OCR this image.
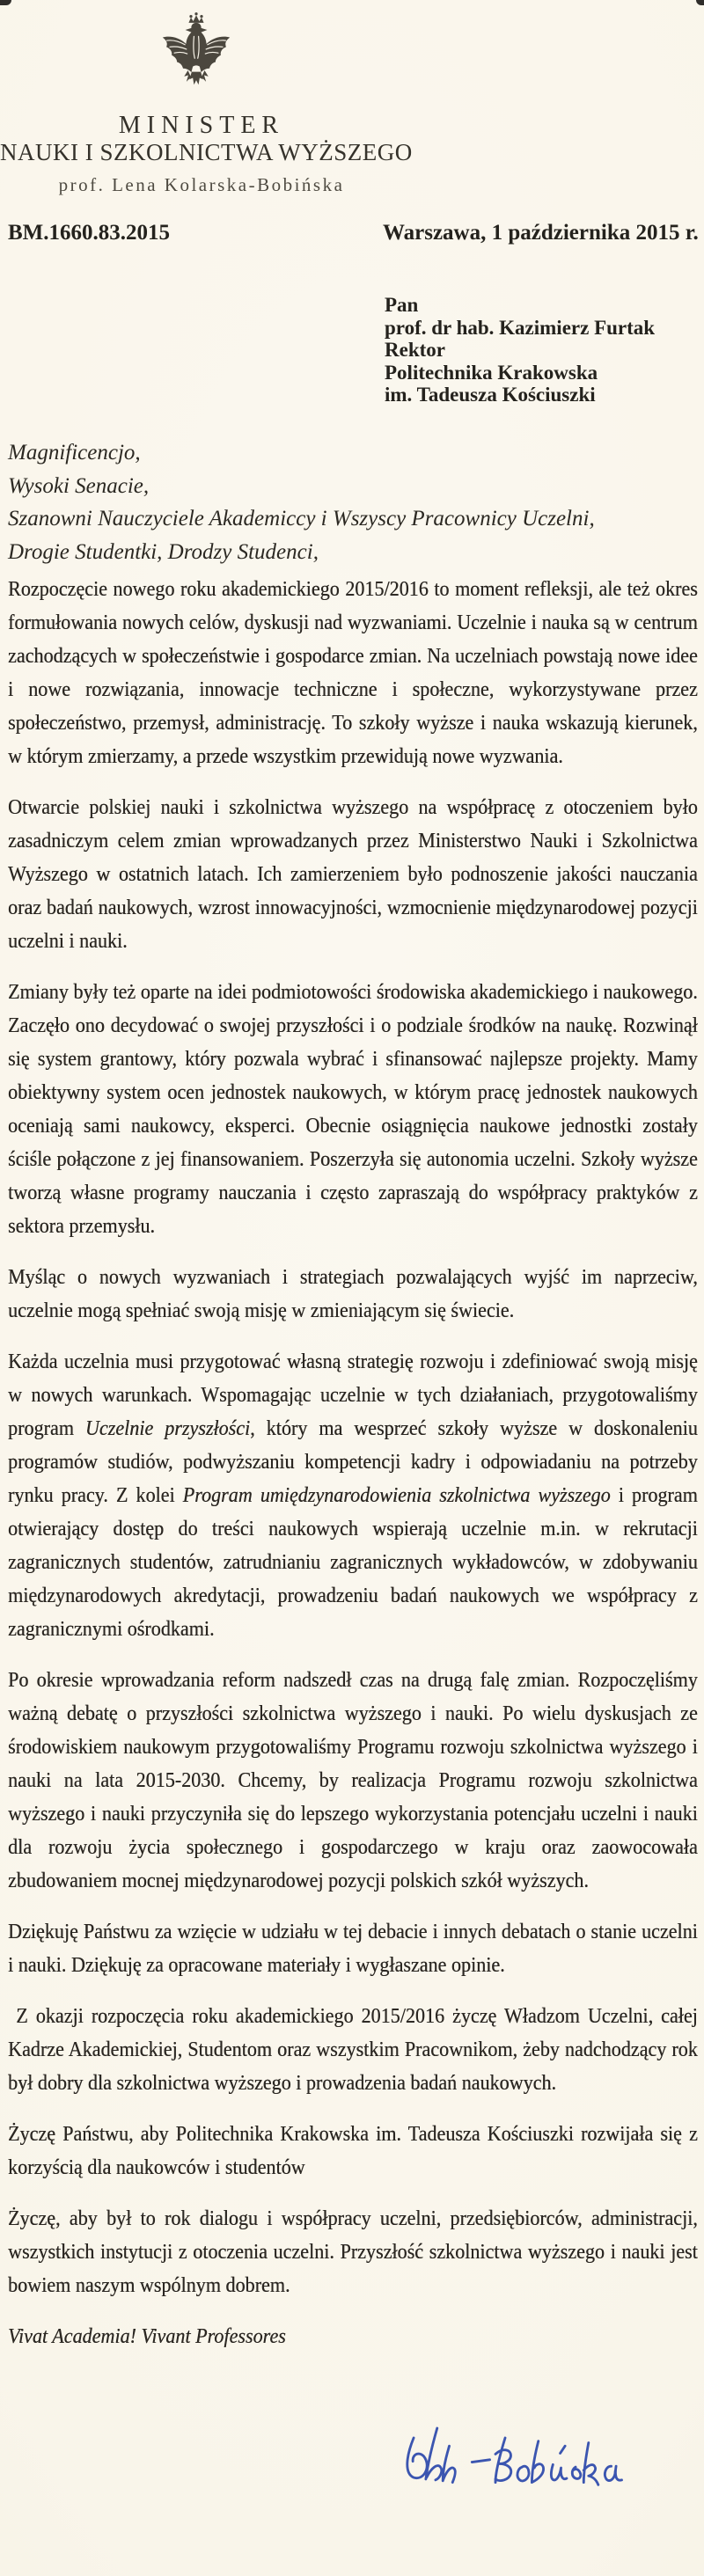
MINISTER
NAUKI I SZKOLNICTWA WYŻSZEGO
prof. Lena Kolarska-Bobińska
BM.1660.83.2015	Warszawa, 1 października 2015 r.
Pan
prof. dr hab. Kazimierz Furtak
Rektor
Politechnika Krakowska
im. Tadeusza Kościuszki
Magnificencjo,
Wysoki Senacie,
Szanowni Nauczyciele Akademiccy i Wszyscy Pracownicy Uczelni,
Drogie Studentki, Drodzy Studenci,

Rozpoczęcie nowego roku akademickiego 2015/2016 to moment refleksji, ale też okres formułowania nowych celów, dyskusji nad wyzwaniami. Uczelnie i nauka są w centrum zachodzących w społeczeństwie i gospodarce zmian. Na uczelniach powstają nowe idee i nowe rozwiązania, innowacje techniczne i społeczne, wykorzystywane przez społeczeństwo, przemysł, administrację. To szkoły wyższe i nauka wskazują kierunek, w którym zmierzamy, a przede wszystkim przewidują nowe wyzwania.

Otwarcie polskiej nauki i szkolnictwa wyższego na współpracę z otoczeniem było zasadniczym celem zmian wprowadzanych przez Ministerstwo Nauki i Szkolnictwa Wyższego w ostatnich latach. Ich zamierzeniem było podnoszenie jakości nauczania oraz badań naukowych, wzrost innowacyjności, wzmocnienie międzynarodowej pozycji uczelni i nauki.

Zmiany były też oparte na idei podmiotowości środowiska akademickiego i naukowego. Zaczęło ono decydować o swojej przyszłości i o podziale środków na naukę. Rozwinął się system grantowy, który pozwala wybrać i sfinansować najlepsze projekty. Mamy obiektywny system ocen jednostek naukowych, w którym pracę jednostek naukowych oceniają sami naukowcy, eksperci. Obecnie osiągnięcia naukowe jednostki zostały ściśle połączone z jej finansowaniem. Poszerzyła się autonomia uczelni. Szkoły wyższe tworzą własne programy nauczania i często zapraszają do współpracy praktyków z sektora przemysłu.

Myśląc o nowych wyzwaniach i strategiach pozwalających wyjść im naprzeciw, uczelnie mogą spełniać swoją misję w zmieniającym się świecie.

Każda uczelnia musi przygotować własną strategię rozwoju i zdefiniować swoją misję w nowych warunkach. Wspomagając uczelnie w tych działaniach, przygotowaliśmy program Uczelnie przyszłości, który ma wesprzeć szkoły wyższe w doskonaleniu programów studiów, podwyższaniu kompetencji kadry i odpowiadaniu na potrzeby rynku pracy. Z kolei Program umiędzynarodowienia szkolnictwa wyższego i program otwierający dostęp do treści naukowych wspierają uczelnie m.in. w rekrutacji zagranicznych studentów, zatrudnianiu zagranicznych wykładowców, w zdobywaniu międzynarodowych akredytacji, prowadzeniu badań naukowych we współpracy z zagranicznymi ośrodkami.

Po okresie wprowadzania reform nadszedł czas na drugą falę zmian. Rozpoczęliśmy ważną debatę o przyszłości szkolnictwa wyższego i nauki. Po wielu dyskusjach ze środowiskiem naukowym przygotowaliśmy Programu rozwoju szkolnictwa wyższego i nauki na lata 2015-2030. Chcemy, by realizacja Programu rozwoju szkolnictwa wyższego i nauki przyczyniła się do lepszego wykorzystania potencjału uczelni i nauki dla rozwoju życia społecznego i gospodarczego w kraju oraz zaowocowała zbudowaniem mocnej międzynarodowej pozycji polskich szkół wyższych.

Dziękuję Państwu za wzięcie w udziału w tej debacie i innych debatach o stanie uczelni i nauki. Dziękuję za opracowane materiały i wygłaszane opinie.

Z okazji rozpoczęcia roku akademickiego 2015/2016 życzę Władzom Uczelni, całej Kadrze Akademickiej, Studentom oraz wszystkim Pracownikom, żeby nadchodzący rok był dobry dla szkolnictwa wyższego i prowadzenia badań naukowych.

Życzę Państwu, aby Politechnika Krakowska im. Tadeusza Kościuszki rozwijała się z korzyścią dla naukowców i studentów

Życzę, aby był to rok dialogu i współpracy uczelni, przedsiębiorców, administracji, wszystkich instytucji z otoczenia uczelni. Przyszłość szkolnictwa wyższego i nauki jest bowiem naszym wspólnym dobrem.

Vivat Academia! Vivant Professores
